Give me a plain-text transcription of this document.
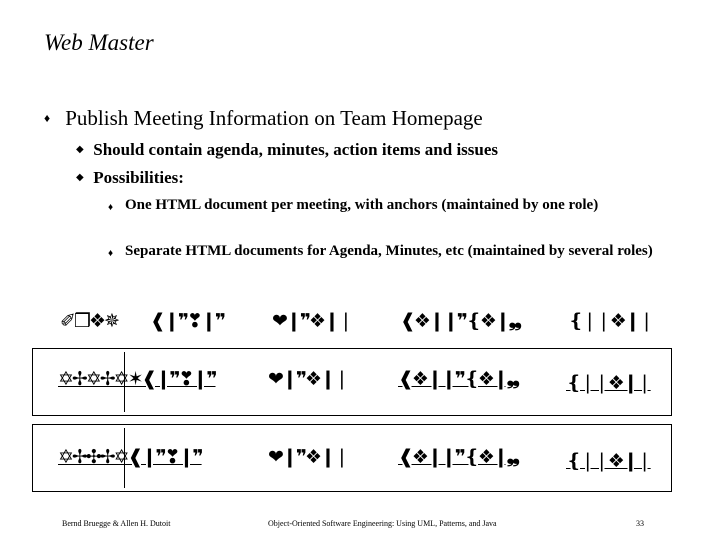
Web Master
♦ Publish Meeting Information on Team Homepage
◆ Should contain agenda, minutes, action items and issues
◆ Possibilities:
♦ One HTML document per meeting, with anchors (maintained by one role)
♦ Separate HTML documents for Agenda, Minutes, etc (maintained by several roles)
✐❒❖✵ ❰❙❞❣❙❞	❤❙❞❖❙❘	❰❖❙❙❞❴❖❙❠	❴❘❘❖❙❘
✡✢✡✢✡✶❰❙❞❣❙❞	❤❙❞❖❙❘	❰❖❙❙❞❴❖❙❠	❴❘❘❖❙❘
✡✢✣✢✡❰❙❞❣❙❞	❤❙❞❖❙❘	❰❖❙❙❞❴❖❙❠	❴❘❘❖❙❘
Bernd Bruegge & Allen H. Dutoit	Object-Oriented Software Engineering: Using UML, Patterns, and Java	33
